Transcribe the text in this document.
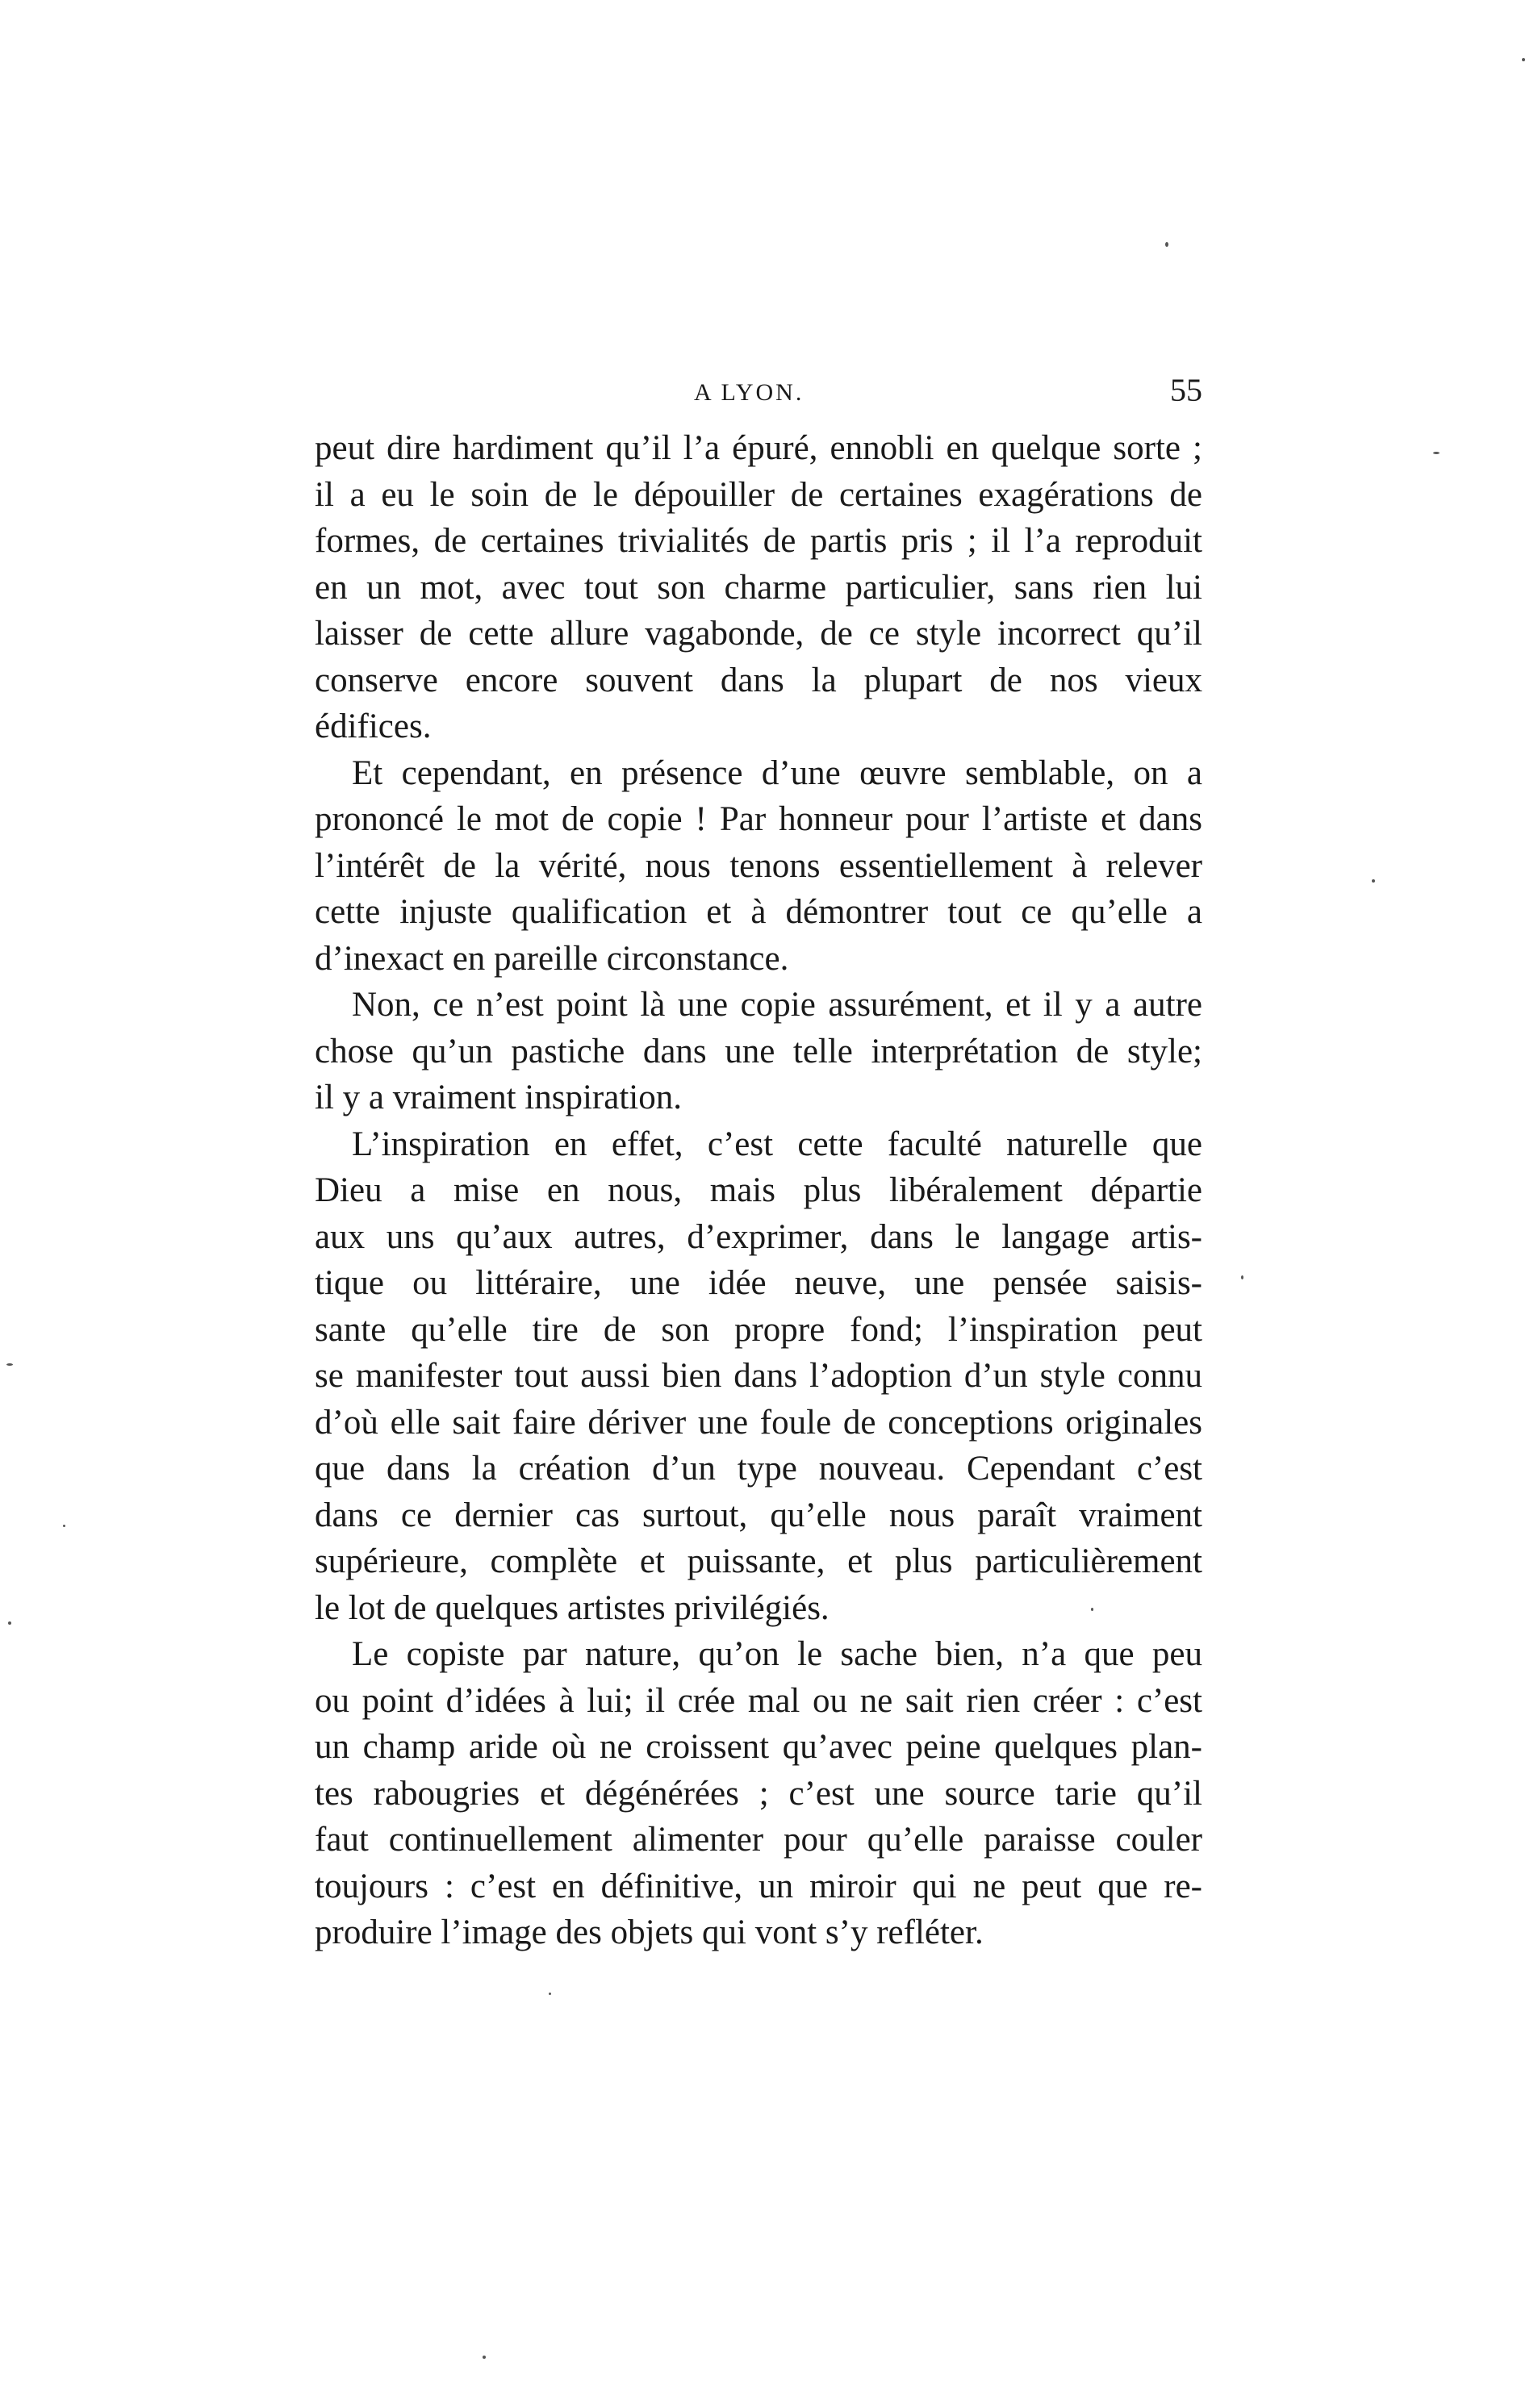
A LYON.	55
peut dire hardiment qu’il l’a épuré, ennobli en quelque sorte ;
il a eu le soin de le dépouiller de certaines exagérations de
formes, de certaines trivialités de partis pris ; il l’a reproduit
en un mot, avec tout son charme particulier, sans rien lui
laisser de cette allure vagabonde, de ce style incorrect qu’il
conserve encore souvent dans la plupart de nos vieux
édifices.
Et cependant, en présence d’une œuvre semblable, on a
prononcé le mot de copie ! Par honneur pour l’artiste et dans
l’intérêt de la vérité, nous tenons essentiellement à relever
cette injuste qualification et à démontrer tout ce qu’elle a
d’inexact en pareille circonstance.
Non, ce n’est point là une copie assurément, et il y a autre
chose qu’un pastiche dans une telle interprétation de style;
il y a vraiment inspiration.
L’inspiration en effet, c’est cette faculté naturelle que
Dieu a mise en nous, mais plus libéralement départie
aux uns qu’aux autres, d’exprimer, dans le langage artis-
tique ou littéraire, une idée neuve, une pensée saisis-
sante qu’elle tire de son propre fond; l’inspiration peut
se manifester tout aussi bien dans l’adoption d’un style connu
d’où elle sait faire dériver une foule de conceptions originales
que dans la création d’un type nouveau. Cependant c’est
dans ce dernier cas surtout, qu’elle nous paraît vraiment
supérieure, complète et puissante, et plus particulièrement
le lot de quelques artistes privilégiés.
Le copiste par nature, qu’on le sache bien, n’a que peu
ou point d’idées à lui; il crée mal ou ne sait rien créer : c’est
un champ aride où ne croissent qu’avec peine quelques plan-
tes rabougries et dégénérées ; c’est une source tarie qu’il
faut continuellement alimenter pour qu’elle paraisse couler
toujours : c’est en définitive, un miroir qui ne peut que re-
produire l’image des objets qui vont s’y refléter.
